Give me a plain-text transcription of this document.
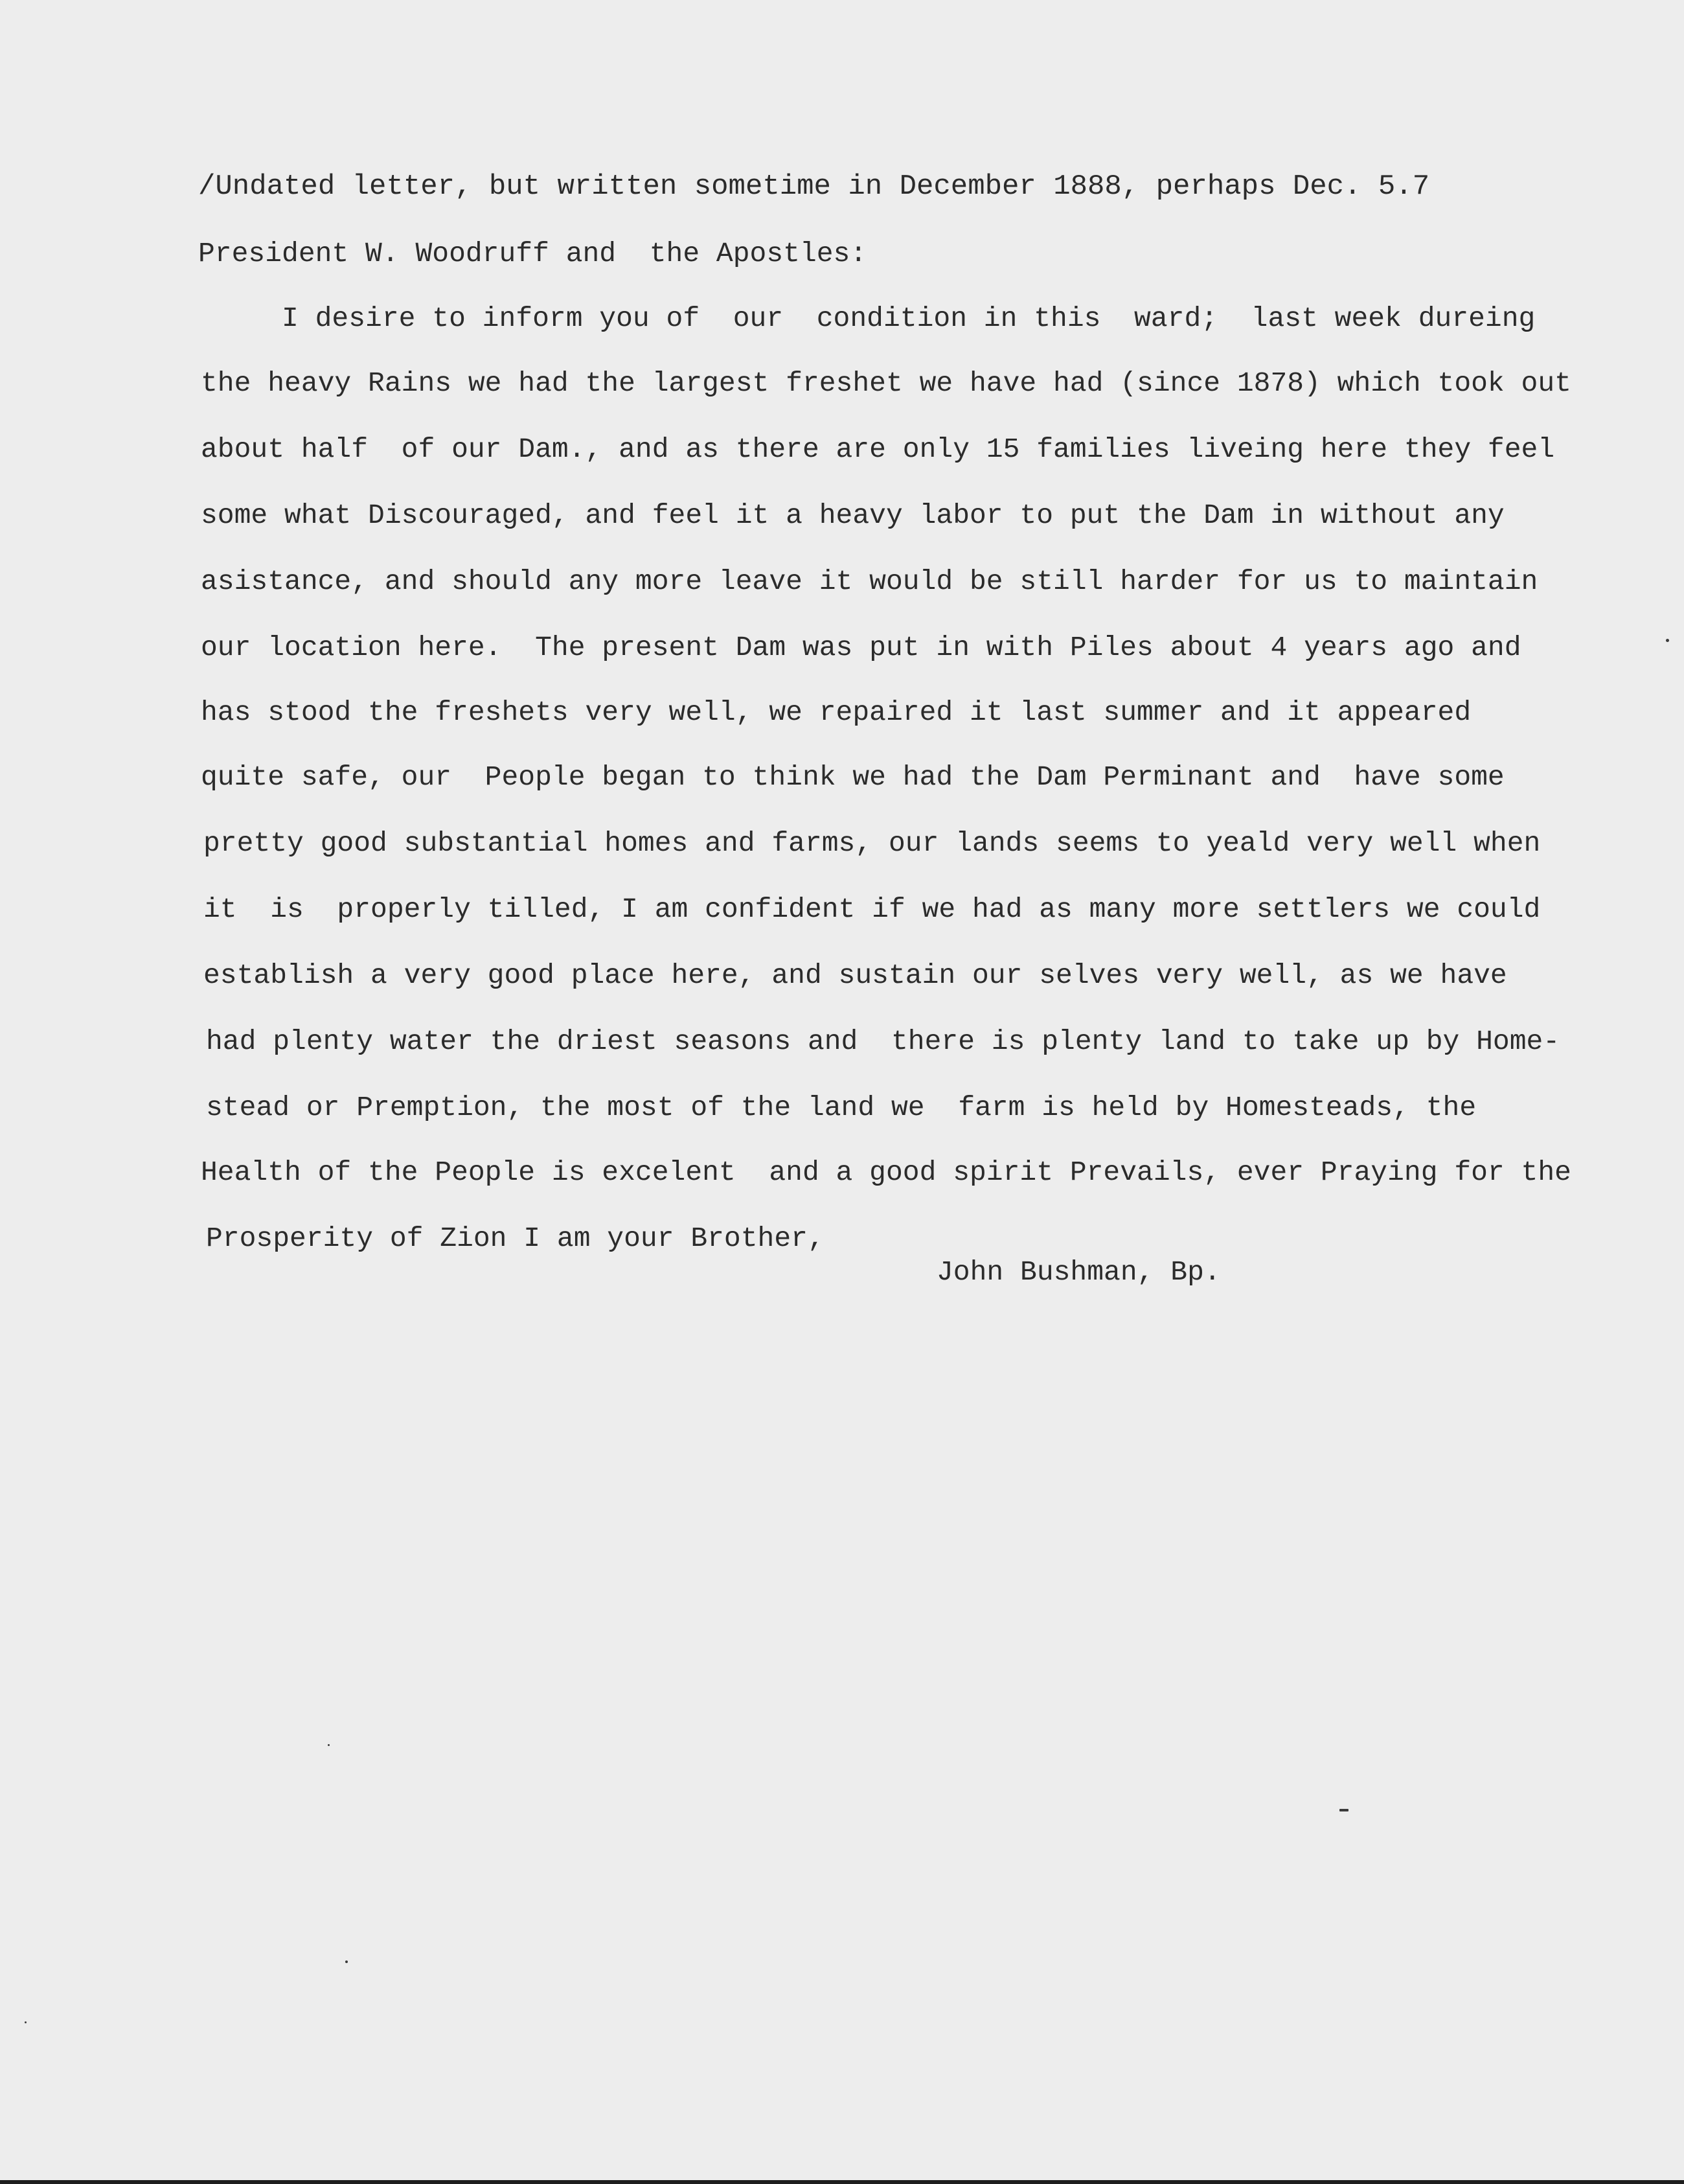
/Undated letter, but written sometime in December 1888, perhaps Dec. 5.7
President W. Woodruff and  the Apostles:
I desire to inform you of  our  condition in this  ward;  last week dureing
the heavy Rains we had the largest freshet we have had (since 1878) which took out
about half  of our Dam., and as there are only 15 families liveing here they feel
some what Discouraged, and feel it a heavy labor to put the Dam in without any
asistance, and should any more leave it would be still harder for us to maintain
our location here.  The present Dam was put in with Piles about 4 years ago and
has stood the freshets very well, we repaired it last summer and it appeared
quite safe, our  People began to think we had the Dam Perminant and  have some
pretty good substantial homes and farms, our lands seems to yeald very well when
it  is  properly tilled, I am confident if we had as many more settlers we could
establish a very good place here, and sustain our selves very well, as we have
had plenty water the driest seasons and  there is plenty land to take up by Home-
stead or Premption, the most of the land we  farm is held by Homesteads, the
Health of the People is excelent  and a good spirit Prevails, ever Praying for the
Prosperity of Zion I am your Brother,
John Bushman, Bp.
